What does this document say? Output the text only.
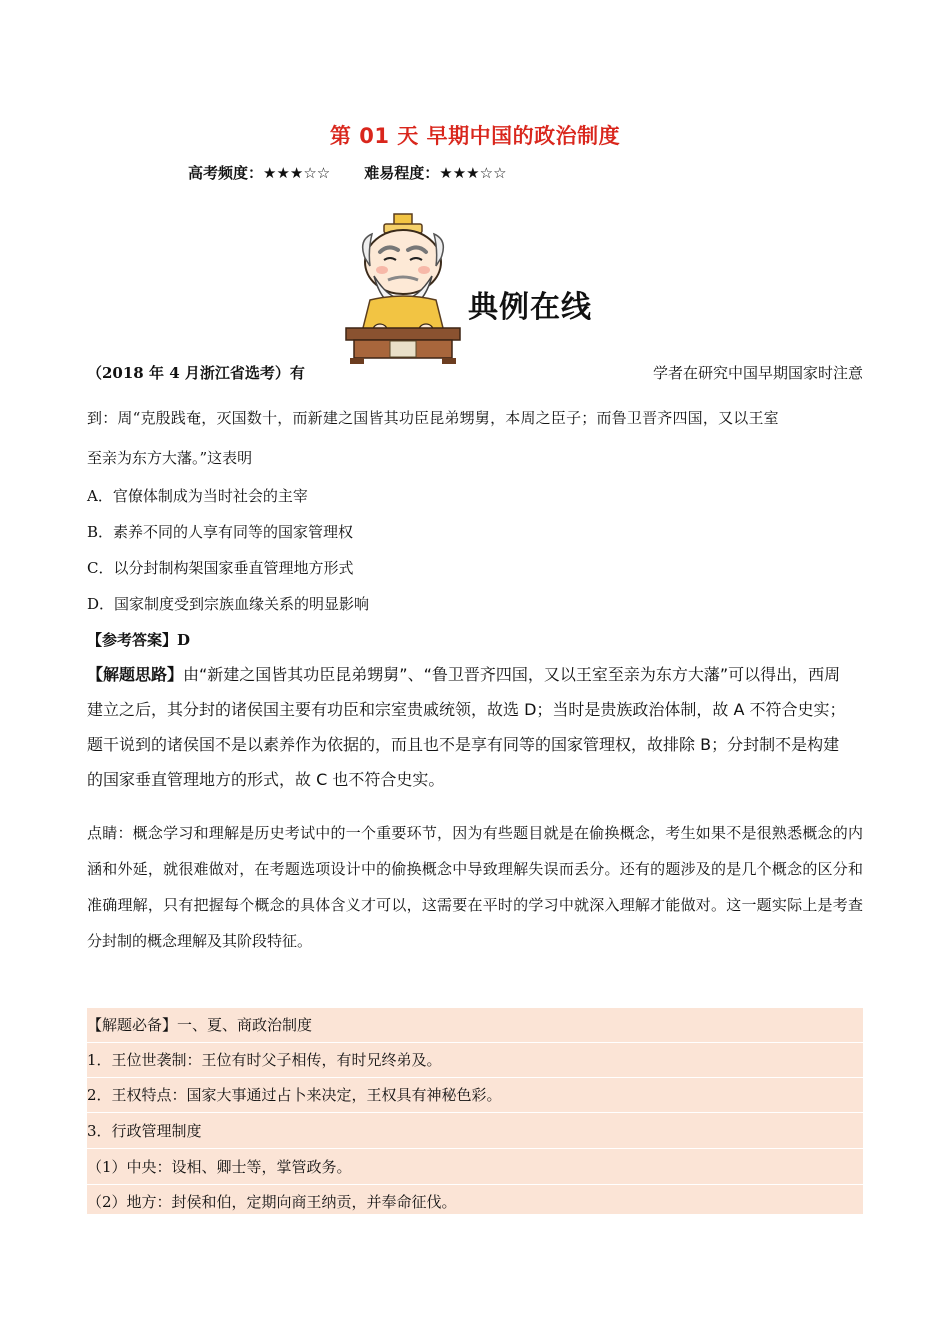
第 01 天 早期中国的政治制度
高考频度：★★★☆☆ 难易程度：★★★☆☆
典例在线
（2018 年 4 月浙江省选考）有	学者在研究中国早期国家时注意
到：周“克殷践奄，灭国数十，而新建之国皆其功臣昆弟甥舅，本周之臣子；而鲁卫晋齐四国，又以王室
至亲为东方大藩。”这表明
A．官僚体制成为当时社会的主宰
B．素养不同的人享有同等的国家管理权
C．以分封制构架国家垂直管理地方形式
D．国家制度受到宗族血缘关系的明显影响
【参考答案】D
【解题思路】由“新建之国皆其功臣昆弟甥舅”、“鲁卫晋齐四国，又以王室至亲为东方大藩”可以得出，西周
建立之后，其分封的诸侯国主要有功臣和宗室贵戚统领，故选 D；当时是贵族政治体制，故 A 不符合史实；
题干说到的诸侯国不是以素养作为依据的，而且也不是享有同等的国家管理权，故排除 B；分封制不是构建
的国家垂直管理地方的形式，故 C 也不符合史实。
点睛：概念学习和理解是历史考试中的一个重要环节，因为有些题目就是在偷换概念，考生如果不是很熟悉概念的内涵和外延，就很难做对，在考题选项设计中的偷换概念中导致理解失误而丢分。还有的题涉及的是几个概念的区分和准确理解，只有把握每个概念的具体含义才可以，这需要在平时的学习中就深入理解才能做对。这一题实际上是考查分封制的概念理解及其阶段特征。
【解题必备】一、夏、商政治制度
1．王位世袭制：王位有时父子相传，有时兄终弟及。
2．王权特点：国家大事通过占卜来决定，王权具有神秘色彩。
3．行政管理制度
（1）中央：设相、卿士等，掌管政务。
（2）地方：封侯和伯，定期向商王纳贡，并奉命征伐。
